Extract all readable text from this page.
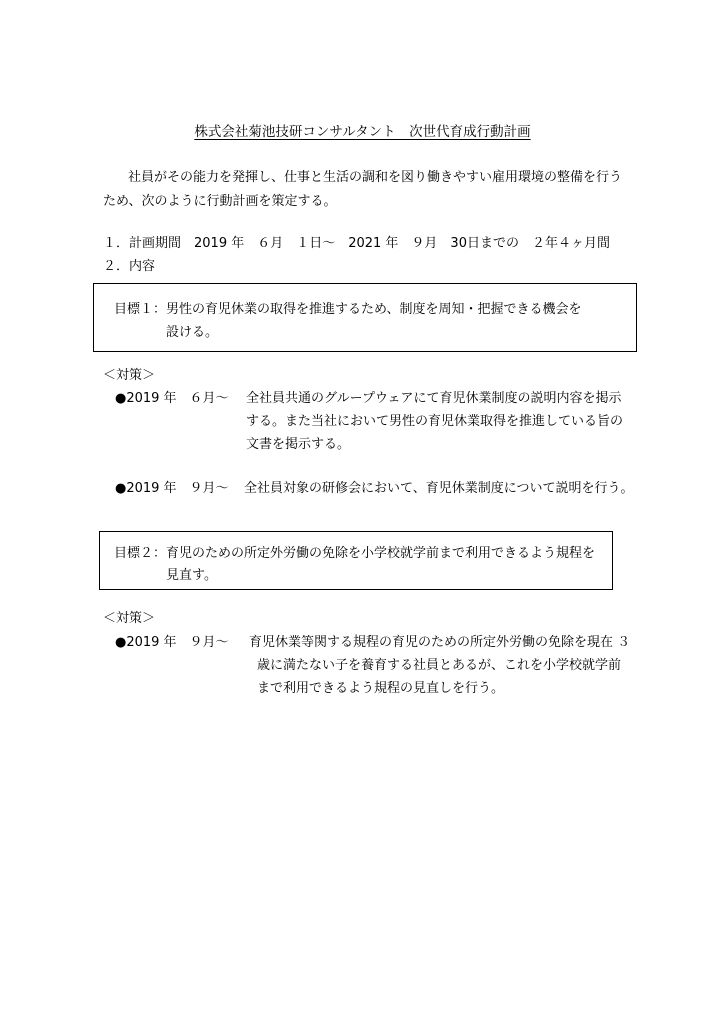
株式会社菊池技研コンサルタント　次世代育成行動計画
社員がその能力を発揮し、仕事と生活の調和を図り働きやすい雇用環境の整備を行う
ため、次のように行動計画を策定する。
１．計画期間　2019 年　６月　１日～　2021 年　９月　30日までの　２年４ヶ月間
２．内容
目標１： 男性の育児休業の取得を推進するため、制度を周知・把握できる機会を
設ける。
＜対策＞
●2019 年　６月～ 全社員共通のグループウェアにて育児休業制度の説明内容を掲示
する。また当社において男性の育児休業取得を推進している旨の
文書を掲示する。
●2019 年　９月～ 全社員対象の研修会において、育児休業制度について説明を行う。
目標２： 育児のための所定外労働の免除を小学校就学前まで利用できるよう規程を
見直す。
＜対策＞
●2019 年　９月～ 育児休業等関する規程の育児のための所定外労働の免除を現在 ３
歳に満たない子を養育する社員とあるが、これを小学校就学前
まで利用できるよう規程の見直しを行う。
